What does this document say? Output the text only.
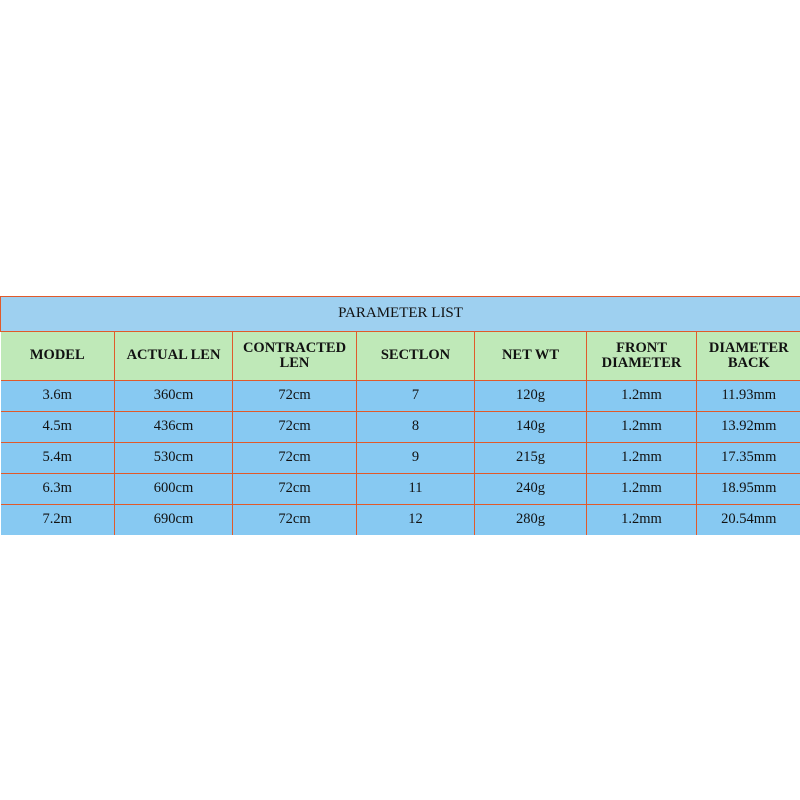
PARAMETER LIST						
MODEL	ACTUAL LEN	CONTRACTED LEN	SECTLON	NET WT	FRONT DIAMETER	DIAMETER BACK
3.6m	360cm	72cm	7	120g	1.2mm	11.93mm
4.5m	436cm	72cm	8	140g	1.2mm	13.92mm
5.4m	530cm	72cm	9	215g	1.2mm	17.35mm
6.3m	600cm	72cm	11	240g	1.2mm	18.95mm
7.2m	690cm	72cm	12	280g	1.2mm	20.54mm
